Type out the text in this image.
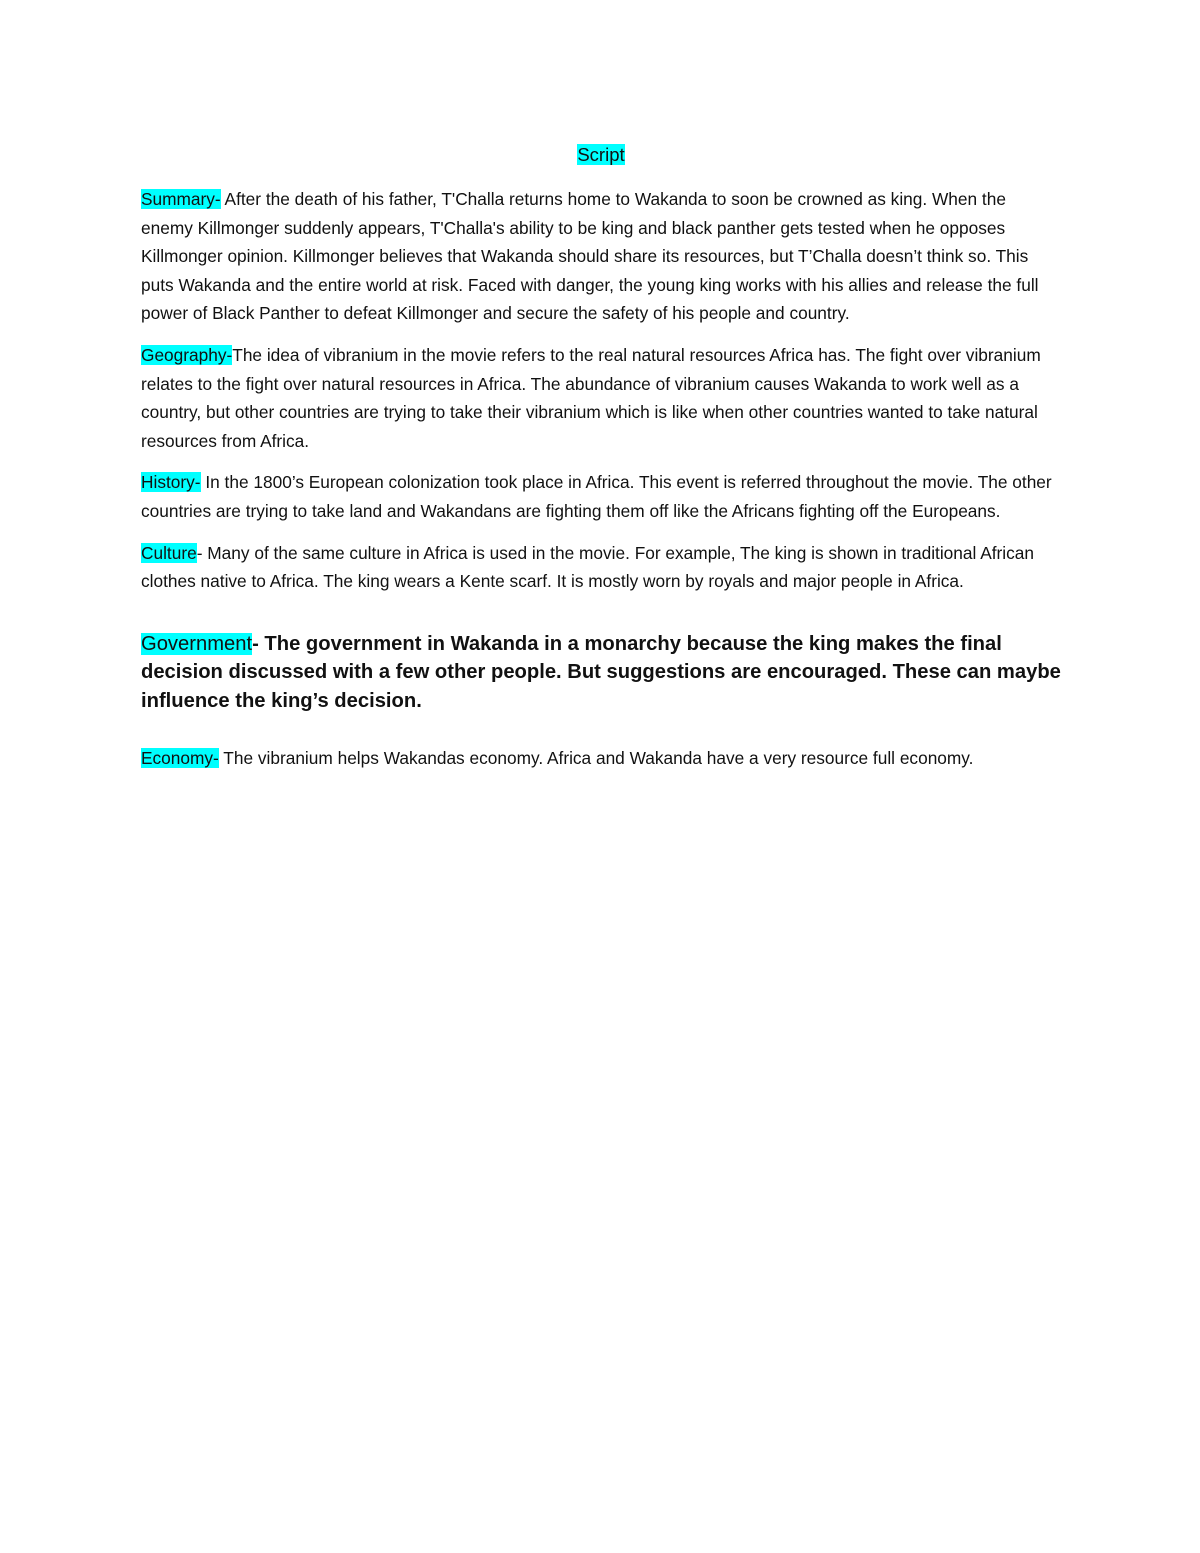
Script

Summary- After the death of his father, T'Challa returns home to Wakanda to soon be crowned as king. When the enemy Killmonger suddenly appears, T'Challa's ability to be king and black panther gets tested when he opposes Killmonger opinion. Killmonger believes that Wakanda should share its resources, but T’Challa doesn’t think so. This puts Wakanda and the entire world at risk. Faced with danger, the young king works with his allies and release the full power of Black Panther to defeat Killmonger and secure the safety of his people and country.

Geography-The idea of vibranium in the movie refers to the real natural resources Africa has. The fight over vibranium relates to the fight over natural resources in Africa. The abundance of vibranium causes Wakanda to work well as a country, but other countries are trying to take their vibranium which is like when other countries wanted to take natural resources from Africa.

History- In the 1800’s European colonization took place in Africa. This event is referred throughout the movie. The other countries are trying to take land and Wakandans are fighting them off like the Africans fighting off the Europeans.

Culture- Many of the same culture in Africa is used in the movie. For example, The king is shown in traditional African clothes native to Africa. The king wears a Kente scarf. It is mostly worn by royals and major people in Africa.

Government- The government in Wakanda in a monarchy because the king makes the final decision discussed with a few other people. But suggestions are encouraged. These can maybe influence the king’s decision.

Economy- The vibranium helps Wakandas economy. Africa and Wakanda have a very resource full economy.
